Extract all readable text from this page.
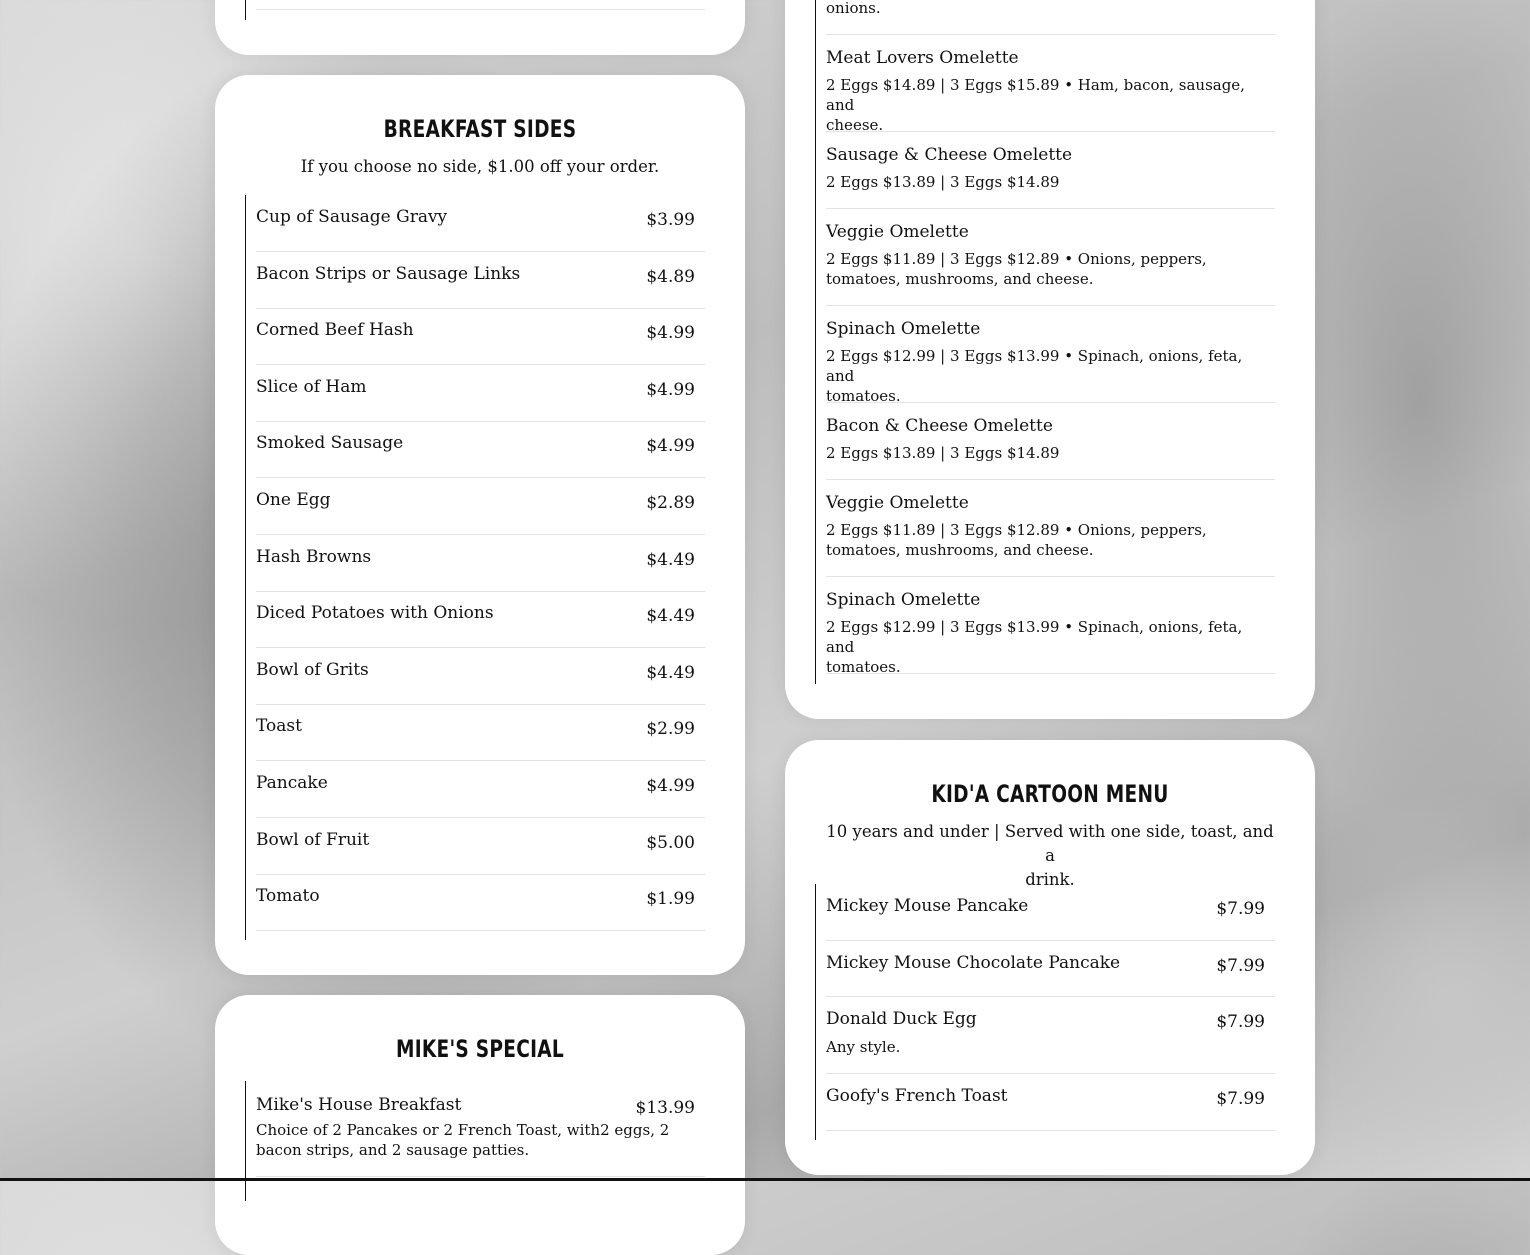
BREAKFAST SIDES
If you choose no side, $1.00 off your order.
Cup of Sausage Gravy	$3.99
Bacon Strips or Sausage Links	$4.89
Corned Beef Hash	$4.99
Slice of Ham	$4.99
Smoked Sausage	$4.99
One Egg	$2.89
Hash Browns	$4.49
Diced Potatoes with Onions	$4.49
Bowl of Grits	$4.49
Toast	$2.99
Pancake	$4.99
Bowl of Fruit	$5.00
Tomato	$1.99
MIKE'S SPECIAL
Mike's House Breakfast	$13.99
Choice of 2 Pancakes or 2 French Toast, with2 eggs, 2
bacon strips, and 2 sausage patties.
onions.
Meat Lovers Omelette
2 Eggs $14.89 | 3 Eggs $15.89 • Ham, bacon, sausage, and
cheese.
Sausage & Cheese Omelette
2 Eggs $13.89 | 3 Eggs $14.89
Veggie Omelette
2 Eggs $11.89 | 3 Eggs $12.89 • Onions, peppers,
tomatoes, mushrooms, and cheese.
Spinach Omelette
2 Eggs $12.99 | 3 Eggs $13.99 • Spinach, onions, feta, and
tomatoes.
Bacon & Cheese Omelette
2 Eggs $13.89 | 3 Eggs $14.89
Veggie Omelette
2 Eggs $11.89 | 3 Eggs $12.89 • Onions, peppers,
tomatoes, mushrooms, and cheese.
Spinach Omelette
2 Eggs $12.99 | 3 Eggs $13.99 • Spinach, onions, feta, and
tomatoes.
KID'A CARTOON MENU
10 years and under | Served with one side, toast, and a
drink.
Mickey Mouse Pancake	$7.99
Mickey Mouse Chocolate Pancake	$7.99
Donald Duck Egg	$7.99
Any style.
Goofy's French Toast	$7.99
